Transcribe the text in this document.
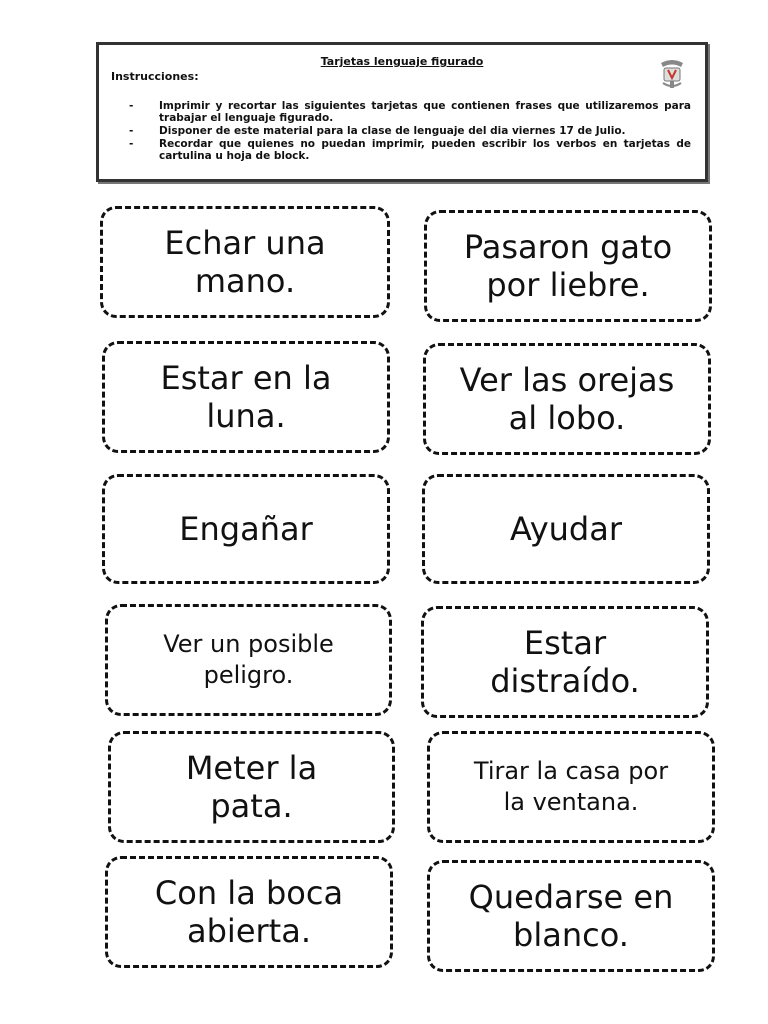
Tarjetas lenguaje figurado
Instrucciones:
- Imprimir y recortar las siguientes tarjetas que contienen frases que utilizaremos para trabajar el lenguaje figurado.
- Disponer de este material para la clase de lenguaje del dia viernes 17 de Julio.
- Recordar que quienes no puedan imprimir, pueden escribir los verbos en tarjetas de cartulina u hoja de block.
Echar una
mano.
Pasaron gato
por liebre.
Estar en la
luna.
Ver las orejas
al lobo.
Engañar	Ayudar
Ver un posible
peligro.
Estar
distraído.
Meter la
pata.
Tirar la casa por
la ventana.
Con la boca
abierta.
Quedarse en
blanco.
